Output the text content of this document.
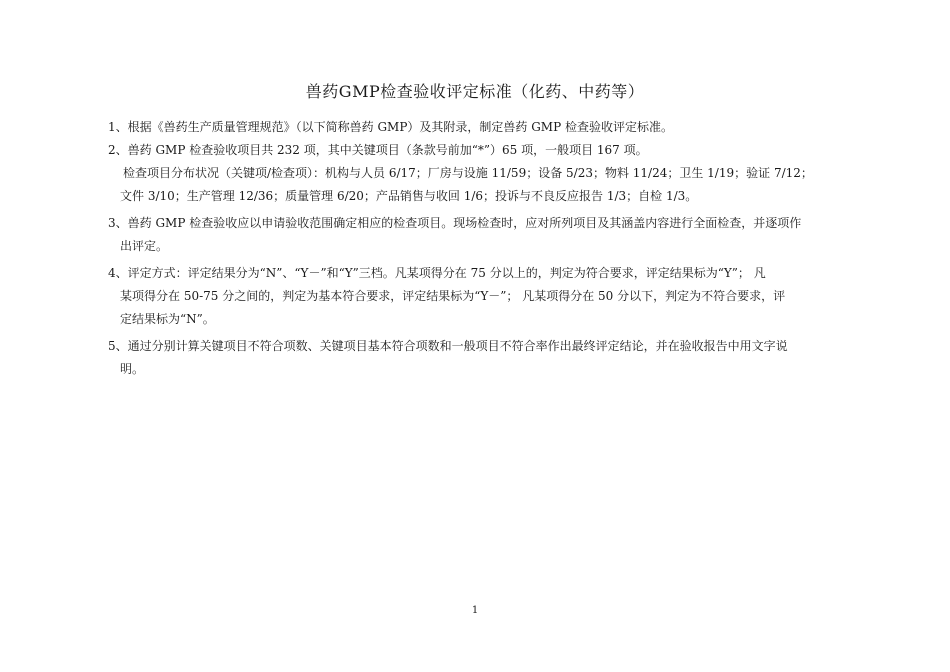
兽药GMP检查验收评定标准（化药、中药等）
1、根据《兽药生产质量管理规范》（以下简称兽药 GMP）及其附录，制定兽药 GMP 检查验收评定标准。
2、兽药 GMP 检查验收项目共 232 项，其中关键项目（条款号前加“*”）65 项，一般项目 167 项。
检查项目分布状况（关键项/检查项）：机构与人员 6/17；厂房与设施 11/59；设备 5/23；物料 11/24；卫生 1/19；验证 7/12；
文件 3/10；生产管理 12/36；质量管理 6/20；产品销售与收回 1/6；投诉与不良反应报告 1/3；自检 1/3。
3、兽药 GMP 检查验收应以申请验收范围确定相应的检查项目。现场检查时，应对所列项目及其涵盖内容进行全面检查，并逐项作
出评定。
4、评定方式：评定结果分为“N”、“Y－”和“Y”三档。凡某项得分在 75 分以上的，判定为符合要求，评定结果标为“Y”； 凡
某项得分在 50-75 分之间的，判定为基本符合要求，评定结果标为“Y－”； 凡某项得分在 50 分以下，判定为不符合要求，评
定结果标为“N”。
5、通过分别计算关键项目不符合项数、关键项目基本符合项数和一般项目不符合率作出最终评定结论，并在验收报告中用文字说
明。
1
